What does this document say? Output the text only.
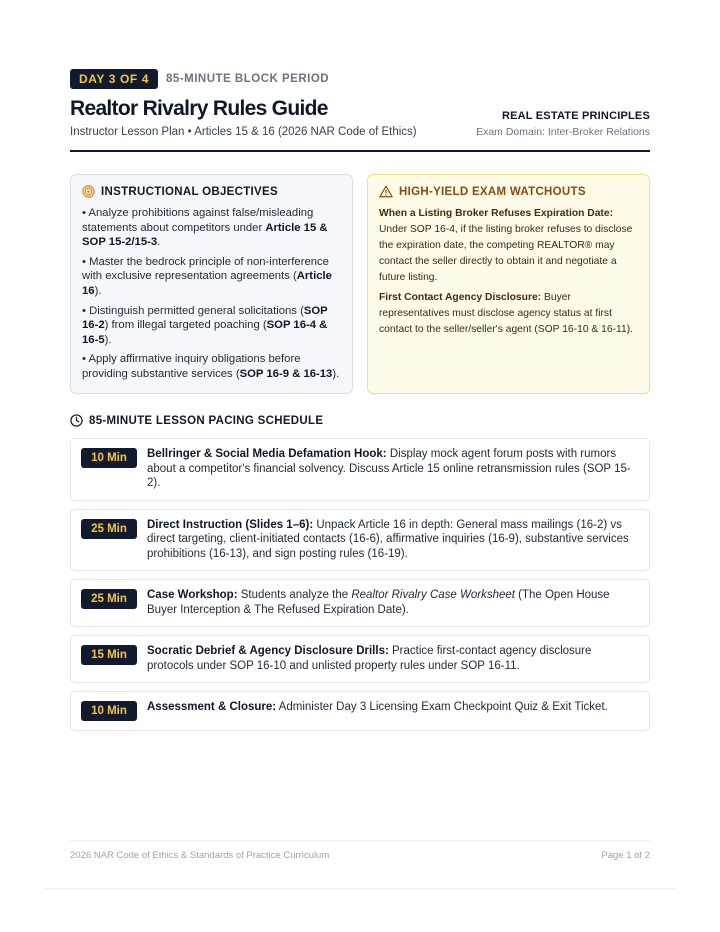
DAY 3 OF 4	85-MINUTE BLOCK PERIOD
Realtor Rivalry Rules Guide
Instructor Lesson Plan • Articles 15 & 16 (2026 NAR Code of Ethics)
REAL ESTATE PRINCIPLES
Exam Domain: Inter-Broker Relations
INSTRUCTIONAL OBJECTIVES
• Analyze prohibitions against false/misleading statements about competitors under Article 15 & SOP 15-2/15-3.
• Master the bedrock principle of non-interference with exclusive representation agreements (Article 16).
• Distinguish permitted general solicitations (SOP 16-2) from illegal targeted poaching (SOP 16-4 & 16-5).
• Apply affirmative inquiry obligations before providing substantive services (SOP 16-9 & 16-13).
HIGH-YIELD EXAM WATCHOUTS
When a Listing Broker Refuses Expiration Date: Under SOP 16-4, if the listing broker refuses to disclose the expiration date, the competing REALTOR® may contact the seller directly to obtain it and negotiate a future listing.
First Contact Agency Disclosure: Buyer representatives must disclose agency status at first contact to the seller/seller's agent (SOP 16-10 & 16-11).
85-MINUTE LESSON PACING SCHEDULE
10 Min	Bellringer & Social Media Defamation Hook: Display mock agent forum posts with rumors about a competitor's financial solvency. Discuss Article 15 online retransmission rules (SOP 15-2).
25 Min	Direct Instruction (Slides 1–6): Unpack Article 16 in depth: General mass mailings (16-2) vs direct targeting, client-initiated contacts (16-6), affirmative inquiries (16-9), substantive services prohibitions (16-13), and sign posting rules (16-19).
25 Min	Case Workshop: Students analyze the Realtor Rivalry Case Worksheet (The Open House Buyer Interception & The Refused Expiration Date).
15 Min	Socratic Debrief & Agency Disclosure Drills: Practice first-contact agency disclosure protocols under SOP 16-10 and unlisted property rules under SOP 16-11.
10 Min	Assessment & Closure: Administer Day 3 Licensing Exam Checkpoint Quiz & Exit Ticket.
2026 NAR Code of Ethics & Standards of Practice Curriculum	Page 1 of 2
